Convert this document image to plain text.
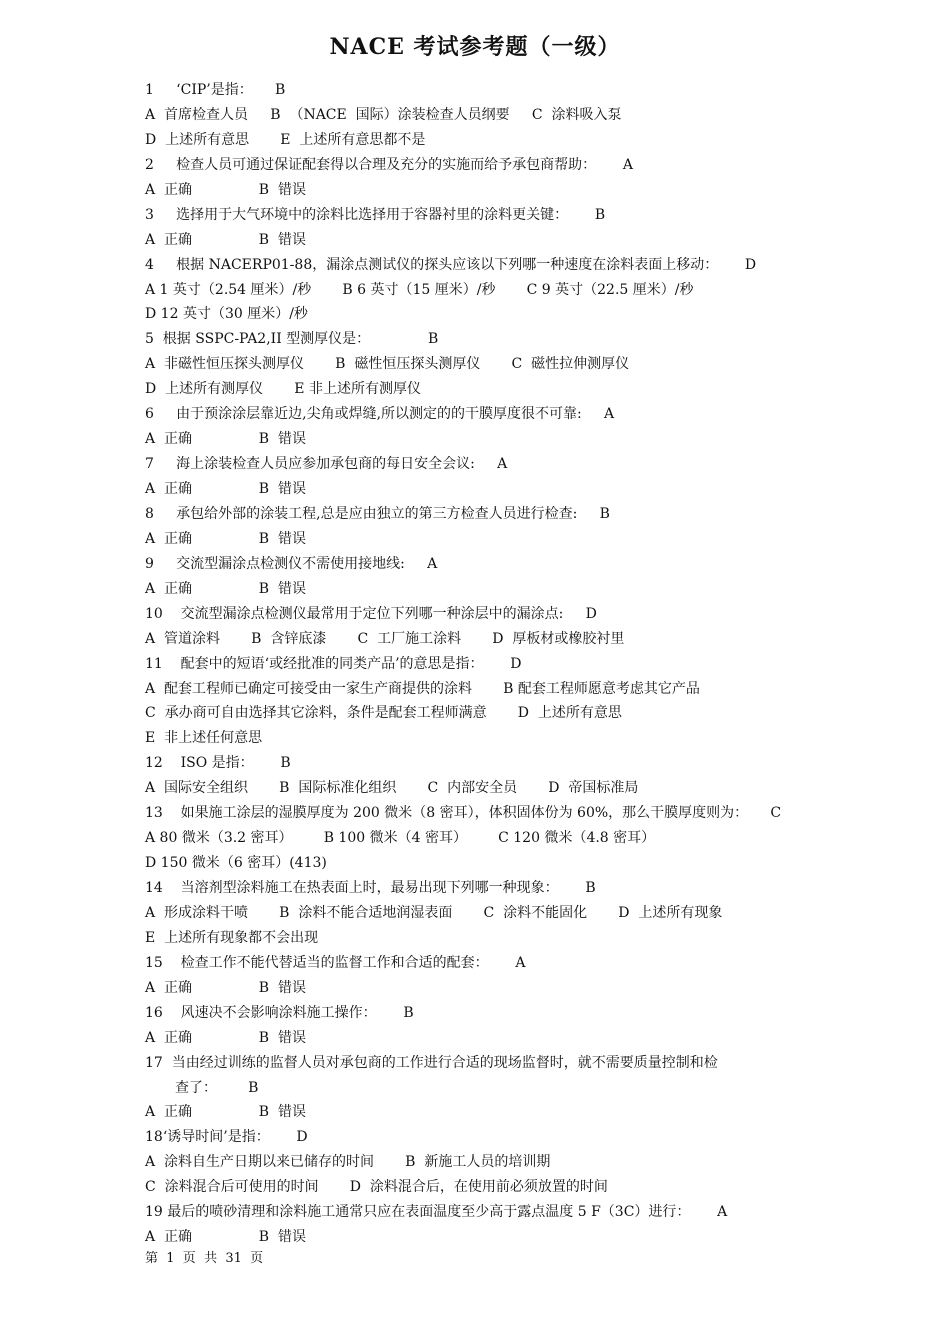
NACE 考试参考题（一级）
1     ‘CIP’是指：     B
A  首席检查人员     B  （NACE  国际）涂装检查人员纲要     C  涂料吸入泵
D  上述所有意思       E  上述所有意思都不是
2     检查人员可通过保证配套得以合理及充分的实施而给予承包商帮助：      A
A  正确               B  错误
3     选择用于大气环境中的涂料比选择用于容器衬里的涂料更关键：      B
A  正确               B  错误
4     根据 NACERP01-88，漏涂点测试仪的探头应该以下列哪一种速度在涂料表面上移动：      D
A 1 英寸（2.54 厘米）/秒       B 6 英寸（15 厘米）/秒       C 9 英寸（22.5 厘米）/秒
D 12 英寸（30 厘米）/秒
5  根据 SSPC-PA2,II 型测厚仪是：             B
A  非磁性恒压探头测厚仪       B  磁性恒压探头测厚仪       C  磁性拉伸测厚仪
D  上述所有测厚仪       E 非上述所有测厚仪
6     由于预涂涂层靠近边,尖角或焊缝,所以测定的的干膜厚度很不可靠:     A
A  正确               B  错误
7     海上涂装检查人员应参加承包商的每日安全会议:     A
A  正确               B  错误
8     承包给外部的涂装工程,总是应由独立的第三方检查人员进行检查:     B
A  正确               B  错误
9     交流型漏涂点检测仪不需使用接地线:     A
A  正确               B  错误
10    交流型漏涂点检测仪最常用于定位下列哪一种涂层中的漏涂点:     D
A  管道涂料       B  含锌底漆       C  工厂施工涂料       D  厚板材或橡胶衬里
11    配套中的短语‘或经批准的同类产品’的意思是指：      D
A  配套工程师已确定可接受由一家生产商提供的涂料       B 配套工程师愿意考虑其它产品
C  承办商可自由选择其它涂料，条件是配套工程师满意       D  上述所有意思
E  非上述任何意思
12    ISO 是指：      B
A  国际安全组织       B  国际标准化组织       C  内部安全员       D  帝国标准局
13    如果施工涂层的湿膜厚度为 200 微米（8 密耳），体积固体份为 60%，那么干膜厚度则为：     C
A 80 微米（3.2 密耳）       B 100 微米（4 密耳）       C 120 微米（4.8 密耳）
D 150 微米（6 密耳）(413)
14    当溶剂型涂料施工在热表面上时，最易出现下列哪一种现象：      B
A  形成涂料干喷       B  涂料不能合适地润湿表面       C  涂料不能固化       D  上述所有现象
E  上述所有现象都不会出现
15    检查工作不能代替适当的监督工作和合适的配套：      A
A  正确               B  错误
16    风速决不会影响涂料施工操作：      B
A  正确               B  错误
17  当由经过训练的监督人员对承包商的工作进行合适的现场监督时，就不需要质量控制和检
查了：       B
A  正确               B  错误
18‘诱导时间’是指：      D
A  涂料自生产日期以来已储存的时间       B  新施工人员的培训期
C  涂料混合后可使用的时间       D  涂料混合后，在使用前必须放置的时间
19 最后的喷砂清理和涂料施工通常只应在表面温度至少高于露点温度 5 F（3C）进行：      A
A  正确               B  错误
第  1  页  共  31  页
